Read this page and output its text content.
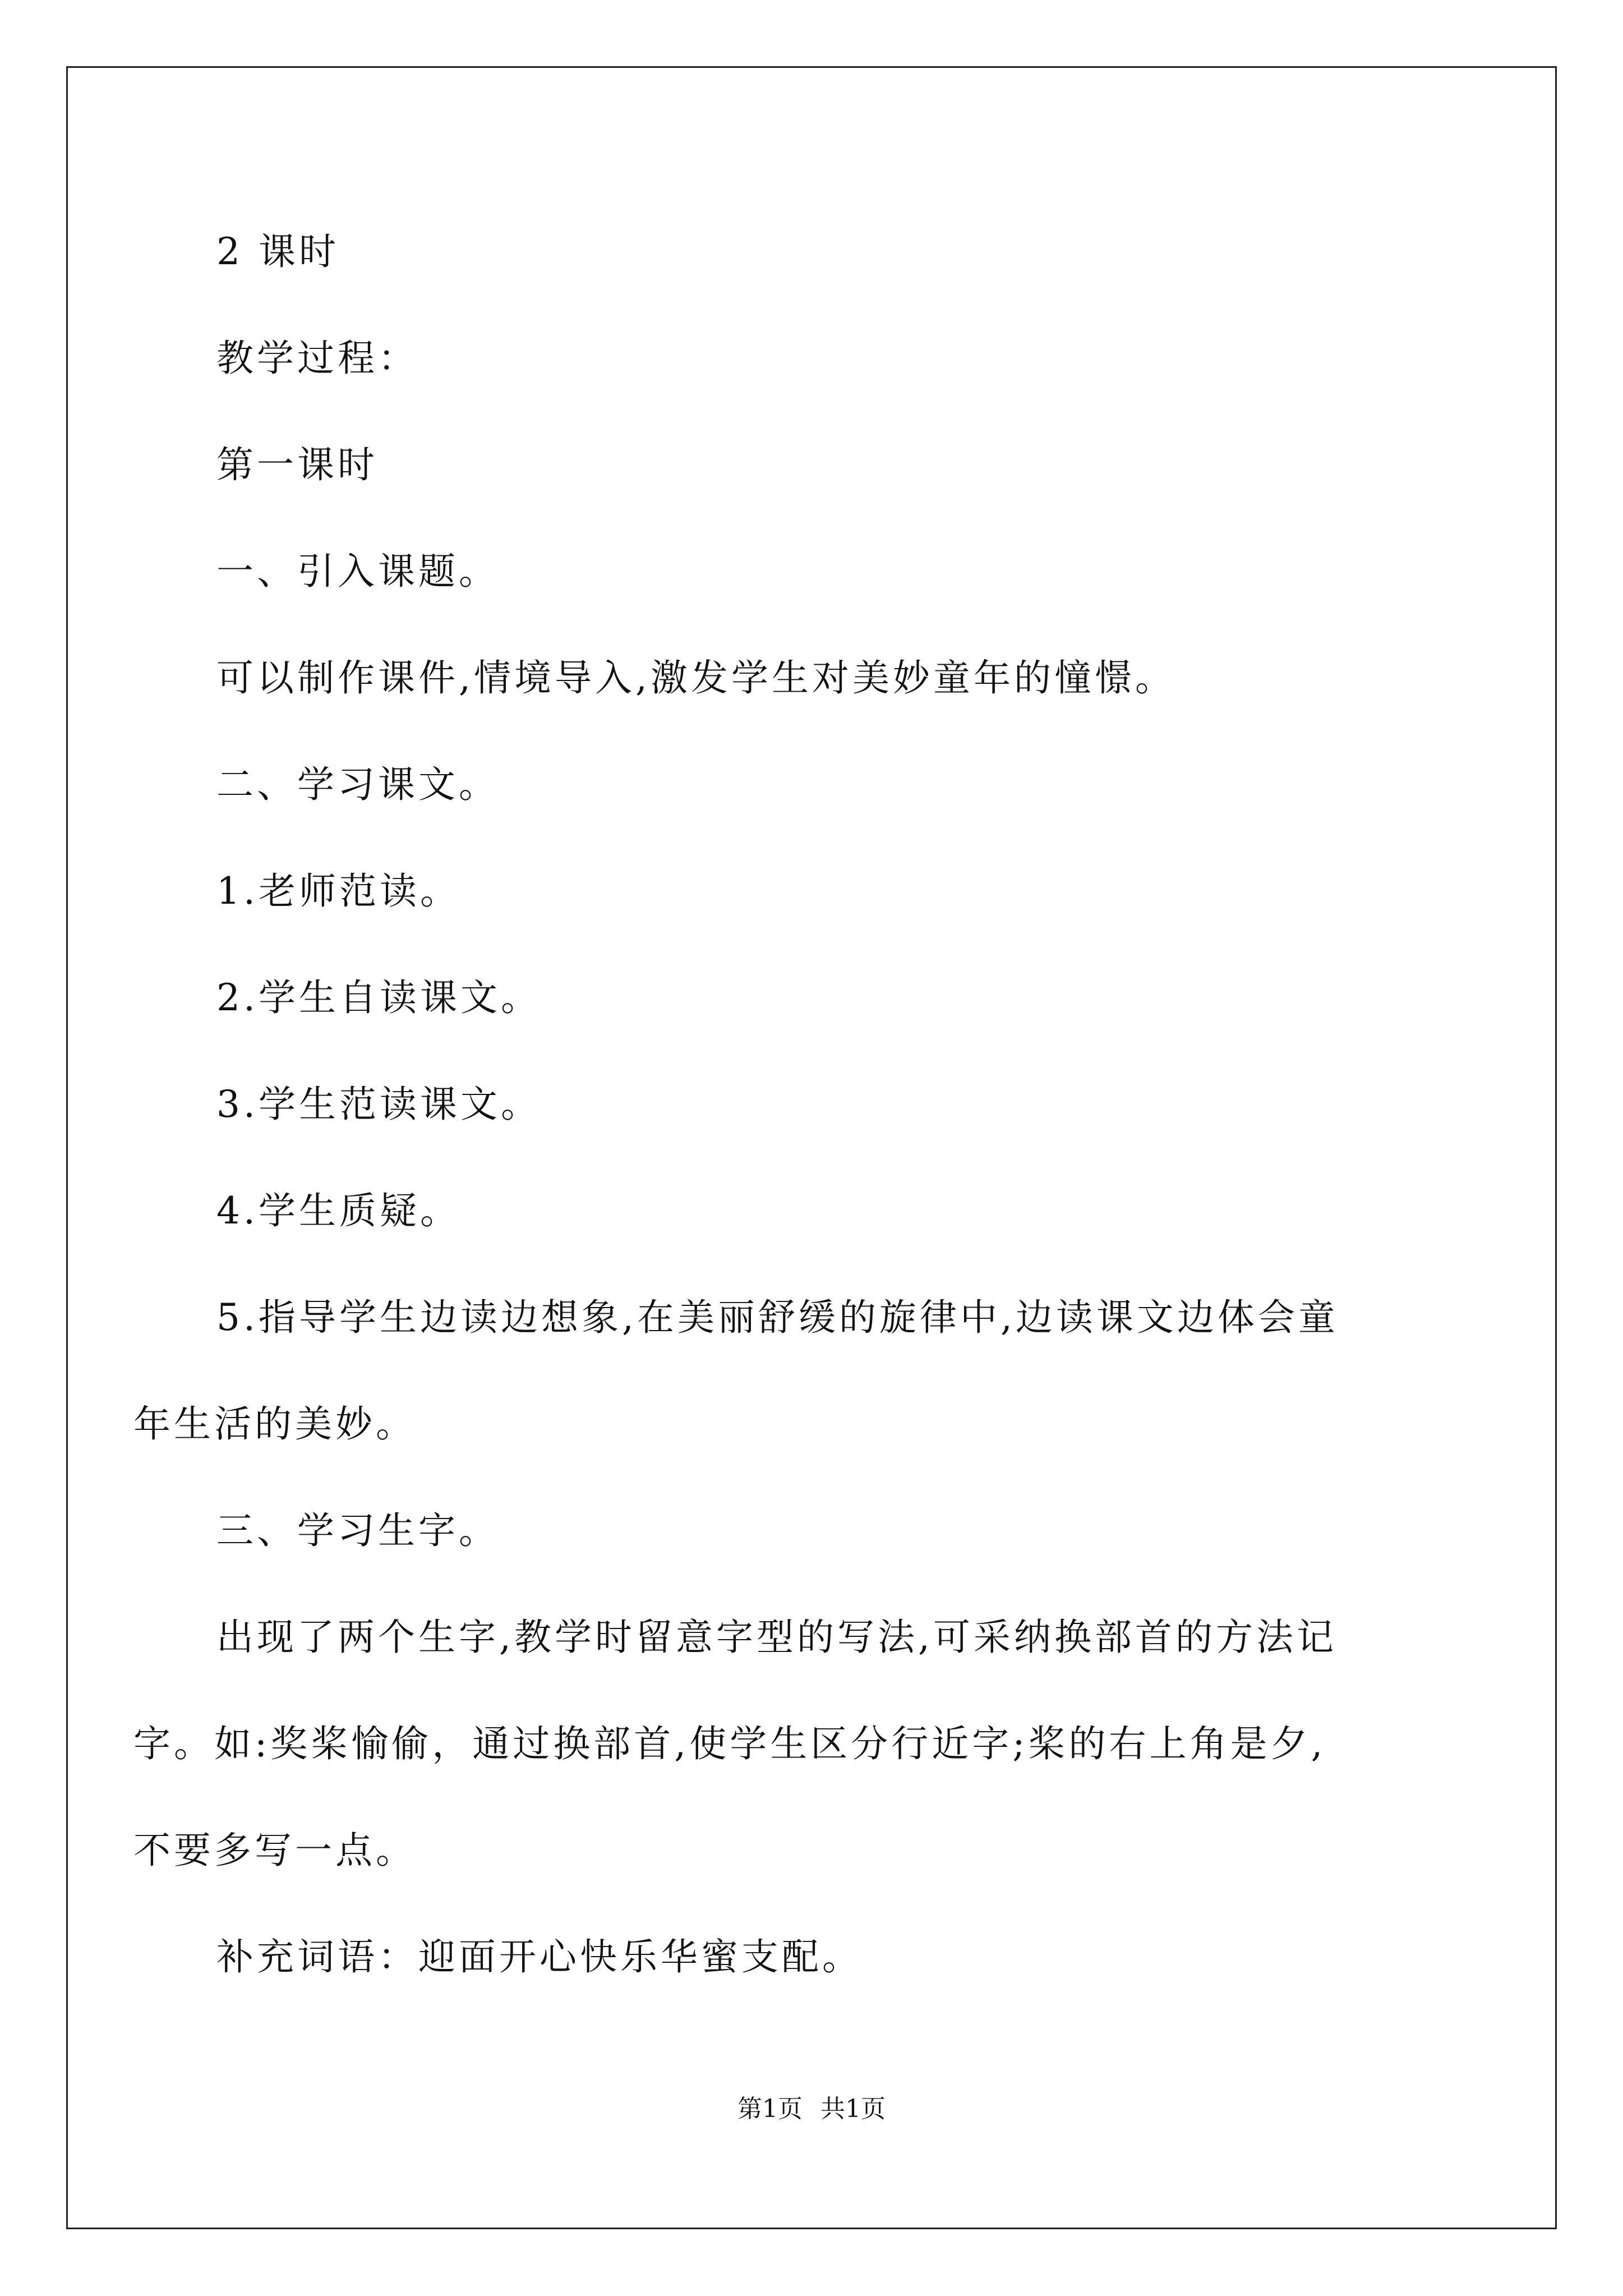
2 课时
教学过程：
第一课时
一、引入课题。
可以制作课件,情境导入,激发学生对美妙童年的憧憬。
二、学习课文。
1.老师范读。
2.学生自读课文。
3.学生范读课文。
4.学生质疑。
5.指导学生边读边想象,在美丽舒缓的旋律中,边读课文边体会童
年生活的美妙。
三、学习生字。
出现了两个生字,教学时留意字型的写法,可采纳换部首的方法记
字。如:奖桨愉偷，通过换部首,使学生区分行近字;桨的右上角是夕,
不要多写一点。
补充词语：迎面开心快乐华蜜支配。
第1页 共1页
